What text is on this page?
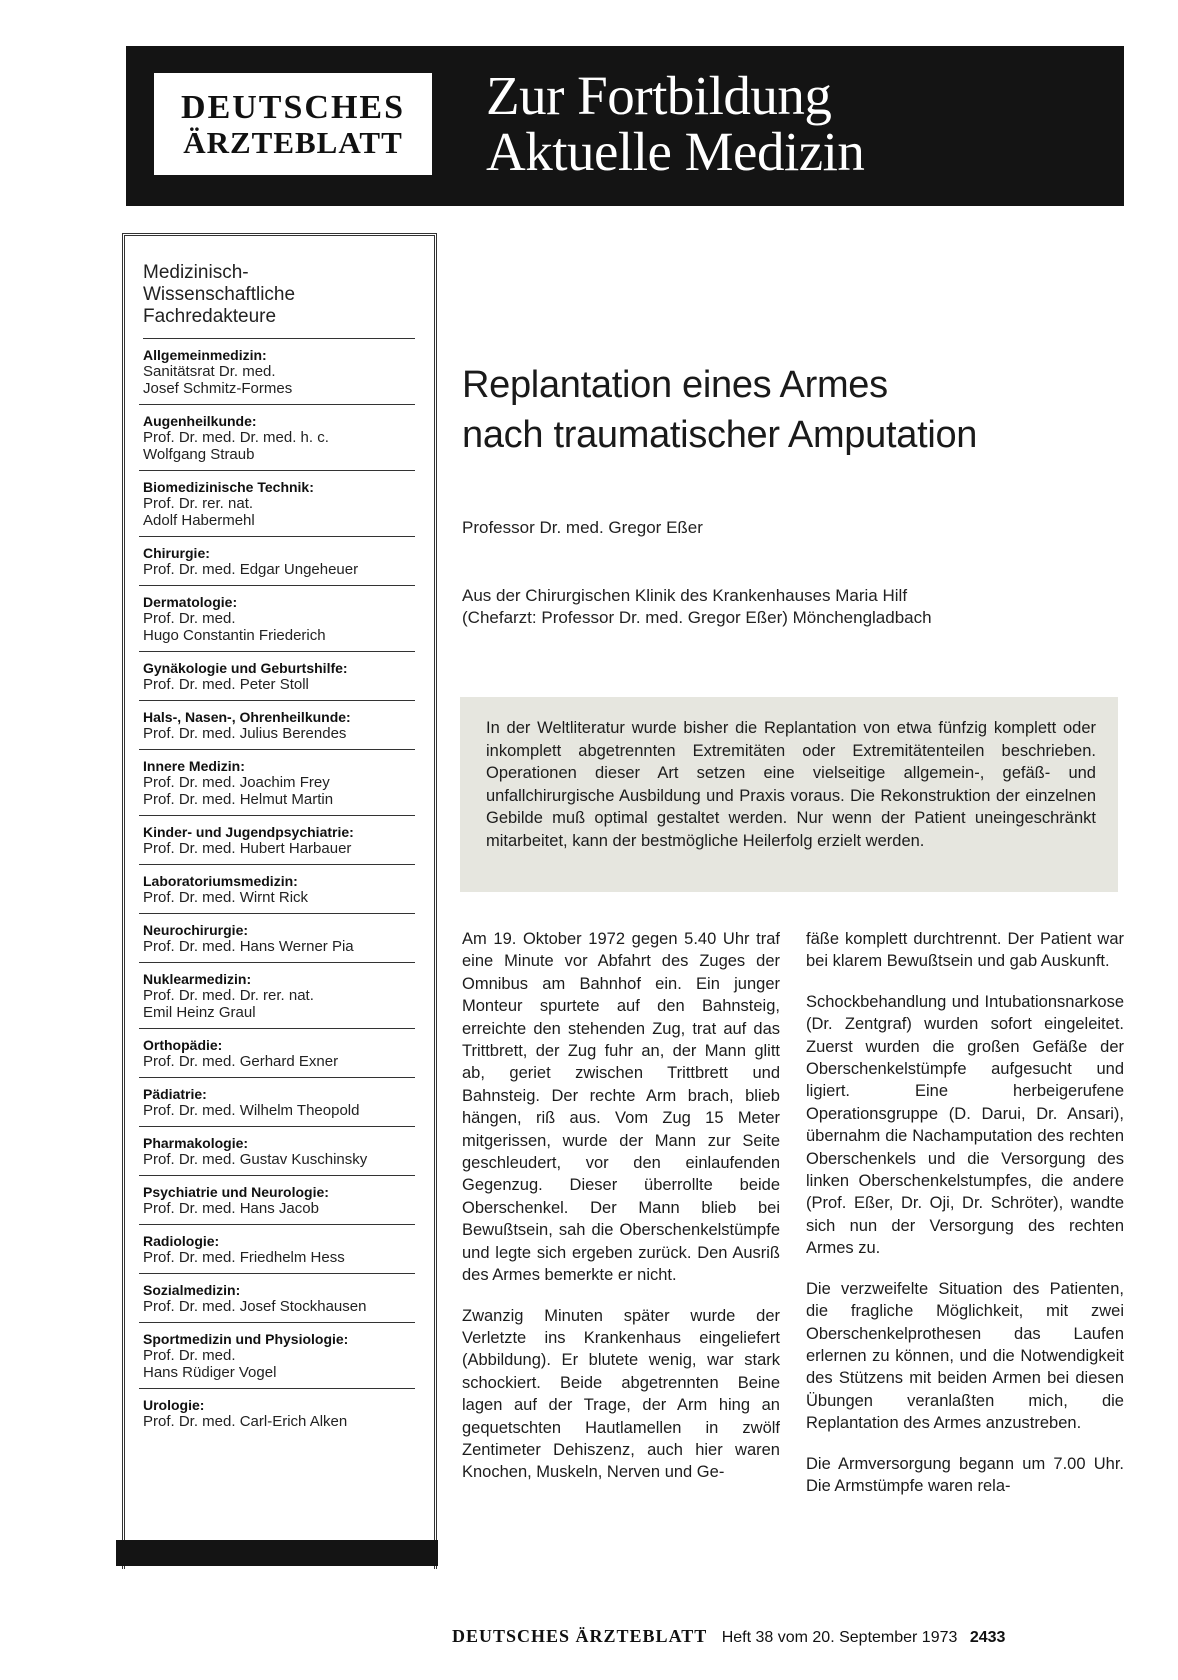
DEUTSCHES
ÄRZTEBLATT
Zur Fortbildung
Aktuelle Medizin
Medizinisch-
Wissenschaftliche
Fachredakteure
Allgemeinmedizin:
Sanitätsrat Dr. med.
Josef Schmitz-Formes
Augenheilkunde:
Prof. Dr. med. Dr. med. h. c.
Wolfgang Straub
Biomedizinische Technik:
Prof. Dr. rer. nat.
Adolf Habermehl
Chirurgie:
Prof. Dr. med. Edgar Ungeheuer
Dermatologie:
Prof. Dr. med.
Hugo Constantin Friederich
Gynäkologie und Geburtshilfe:
Prof. Dr. med. Peter Stoll
Hals-, Nasen-, Ohrenheilkunde:
Prof. Dr. med. Julius Berendes
Innere Medizin:
Prof. Dr. med. Joachim Frey
Prof. Dr. med. Helmut Martin
Kinder- und Jugendpsychiatrie:
Prof. Dr. med. Hubert Harbauer
Laboratoriumsmedizin:
Prof. Dr. med. Wirnt Rick
Neurochirurgie:
Prof. Dr. med. Hans Werner Pia
Nuklearmedizin:
Prof. Dr. med. Dr. rer. nat.
Emil Heinz Graul
Orthopädie:
Prof. Dr. med. Gerhard Exner
Pädiatrie:
Prof. Dr. med. Wilhelm Theopold
Pharmakologie:
Prof. Dr. med. Gustav Kuschinsky
Psychiatrie und Neurologie:
Prof. Dr. med. Hans Jacob
Radiologie:
Prof. Dr. med. Friedhelm Hess
Sozialmedizin:
Prof. Dr. med. Josef Stockhausen
Sportmedizin und Physiologie:
Prof. Dr. med.
Hans Rüdiger Vogel
Urologie:
Prof. Dr. med. Carl-Erich Alken
Replantation eines Armes
nach traumatischer Amputation
Professor Dr. med. Gregor Eßer
Aus der Chirurgischen Klinik des Krankenhauses Maria Hilf
(Chefarzt: Professor Dr. med. Gregor Eßer) Mönchengladbach
In der Weltliteratur wurde bisher die Replantation von etwa fünfzig komplett oder inkomplett abgetrennten Extremitäten oder Extremitätenteilen beschrieben. Operationen dieser Art setzen eine vielseitige allgemein-, gefäß- und unfallchirurgische Ausbildung und Praxis voraus. Die Rekonstruktion der einzelnen Gebilde muß optimal gestaltet werden. Nur wenn der Patient uneingeschränkt mitarbeitet, kann der bestmögliche Heilerfolg erzielt werden.

Am 19. Oktober 1972 gegen 5.40 Uhr traf eine Minute vor Abfahrt des Zuges der Omnibus am Bahnhof ein. Ein junger Monteur spurtete auf den Bahnsteig, erreichte den stehenden Zug, trat auf das Trittbrett, der Zug fuhr an, der Mann glitt ab, geriet zwischen Trittbrett und Bahnsteig. Der rechte Arm brach, blieb hängen, riß aus. Vom Zug 15 Meter mitgerissen, wurde der Mann zur Seite geschleudert, vor den einlaufenden Gegenzug. Dieser überrollte beide Oberschenkel. Der Mann blieb bei Bewußtsein, sah die Oberschenkelstümpfe und legte sich ergeben zurück. Den Ausriß des Armes bemerkte er nicht.

Zwanzig Minuten später wurde der Verletzte ins Krankenhaus eingeliefert (Abbildung). Er blutete wenig, war stark schockiert. Beide abgetrennten Beine lagen auf der Trage, der Arm hing an gequetschten Hautlamellen in zwölf Zentimeter Dehiszenz, auch hier waren Knochen, Muskeln, Nerven und Ge-

fäße komplett durchtrennt. Der Patient war bei klarem Bewußtsein und gab Auskunft.

Schockbehandlung und Intubationsnarkose (Dr. Zentgraf) wurden sofort eingeleitet. Zuerst wurden die großen Gefäße der Oberschenkelstümpfe aufgesucht und ligiert. Eine herbeigerufene Operationsgruppe (D. Darui, Dr. Ansari), übernahm die Nachamputation des rechten Oberschenkels und die Versorgung des linken Oberschenkelstumpfes, die andere (Prof. Eßer, Dr. Oji, Dr. Schröter), wandte sich nun der Versorgung des rechten Armes zu.

Die verzweifelte Situation des Patienten, die fragliche Möglichkeit, mit zwei Oberschenkelprothesen das Laufen erlernen zu können, und die Notwendigkeit des Stützens mit beiden Armen bei diesen Übungen veranlaßten mich, die Replantation des Armes anzustreben.

Die Armversorgung begann um 7.00 Uhr. Die Armstümpfe waren rela-

DEUTSCHES ÄRZTEBLATT Heft 38 vom 20. September 1973 2433
